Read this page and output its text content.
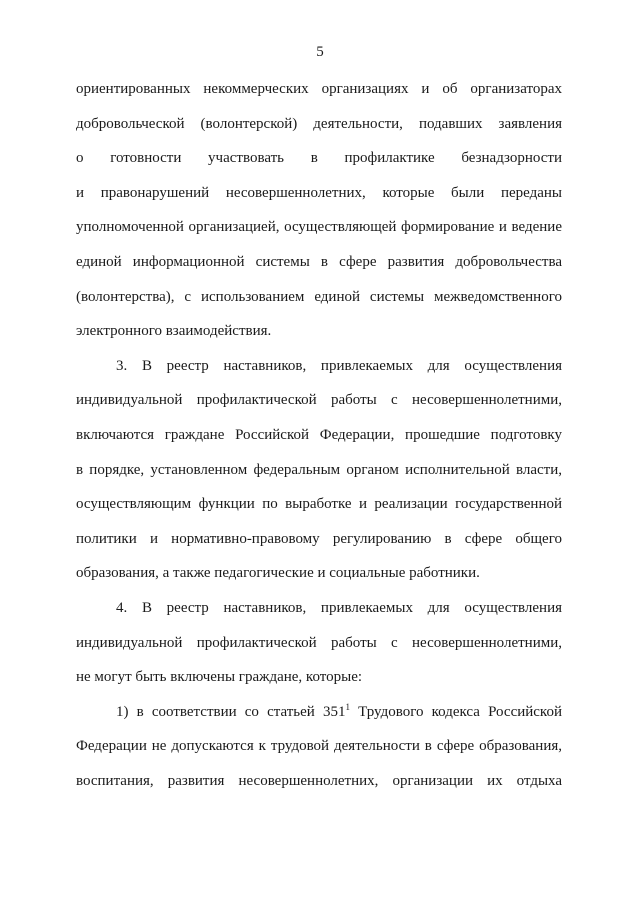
5
ориентированных некоммерческих организациях и об организаторах
добровольческой (волонтерской) деятельности, подавших заявления
о готовности участвовать в профилактике безнадзорности
и правонарушений несовершеннолетних, которые были переданы
уполномоченной организацией, осуществляющей формирование и ведение
единой информационной системы в сфере развития добровольчества
(волонтерства), с использованием единой системы межведомственного
электронного взаимодействия.
3. В реестр наставников, привлекаемых для осуществления
индивидуальной профилактической работы с несовершеннолетними,
включаются граждане Российской Федерации, прошедшие подготовку
в порядке, установленном федеральным органом исполнительной власти,
осуществляющим функции по выработке и реализации государственной
политики и нормативно-правовому регулированию в сфере общего
образования, а также педагогические и социальные работники.
4. В реестр наставников, привлекаемых для осуществления
индивидуальной профилактической работы с несовершеннолетними,
не могут быть включены граждане, которые:
1) в соответствии со статьей $351^1$ Трудового кодекса Российской
Федерации не допускаются к трудовой деятельности в сфере образования,
воспитания, развития несовершеннолетних, организации их отдыха
